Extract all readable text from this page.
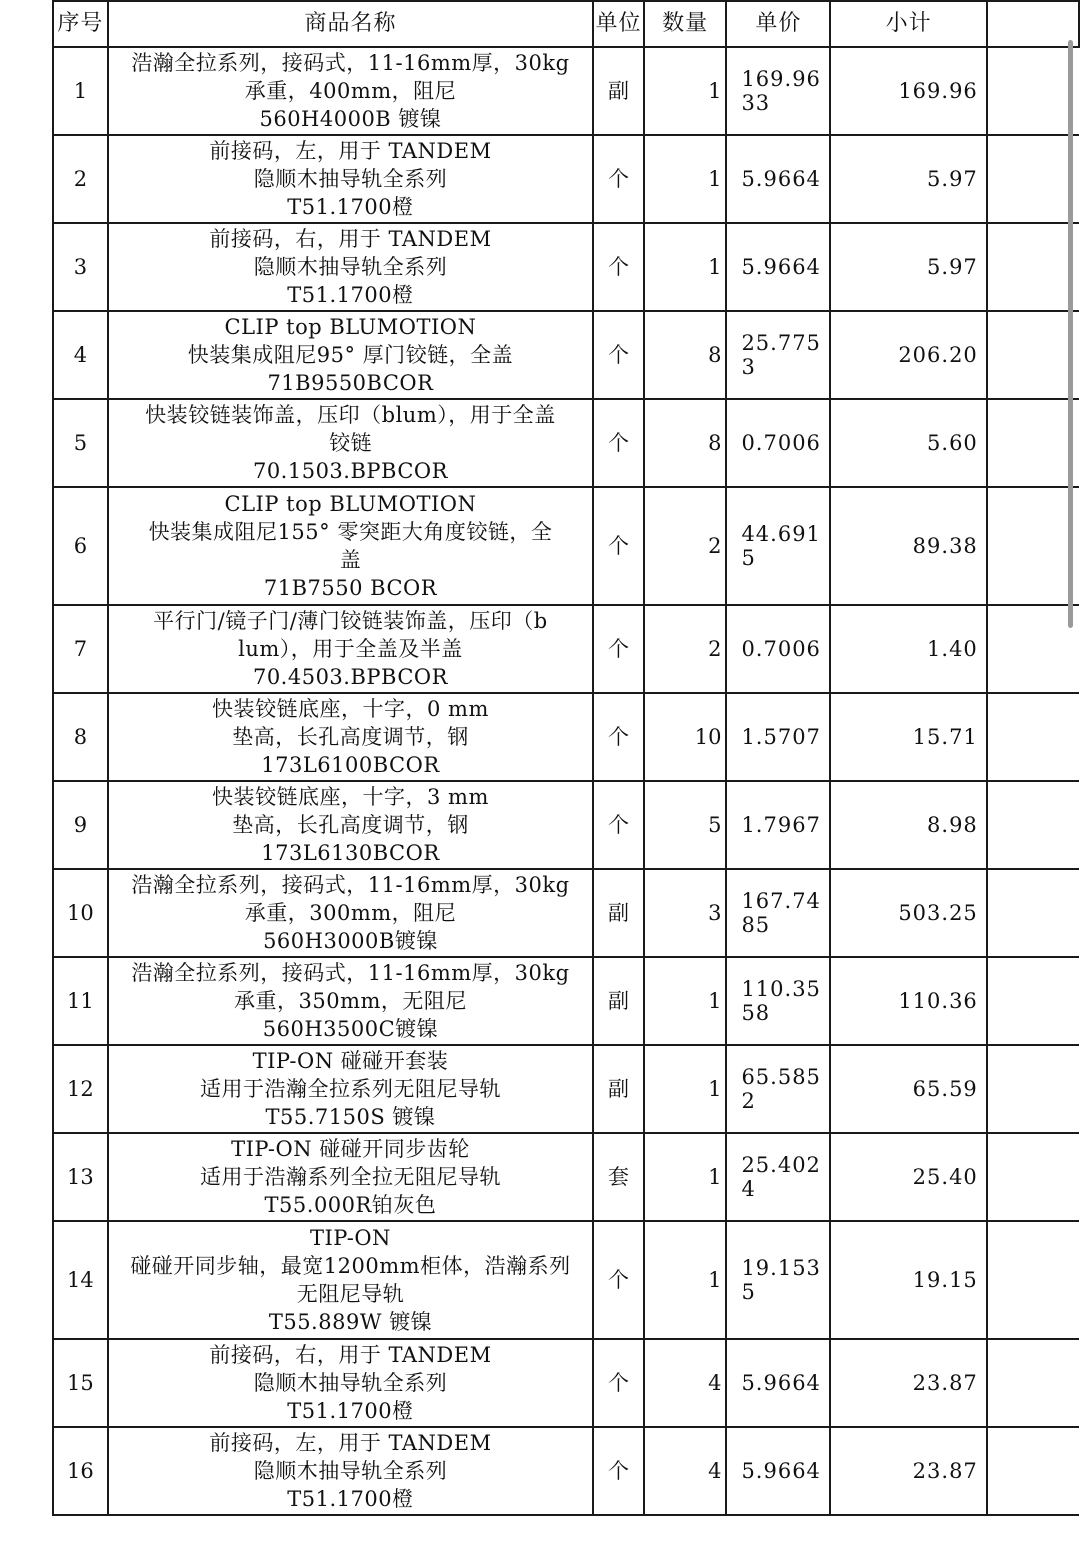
序号	商品名称	单位	数量	单价	小计	
1	浩瀚全拉系列，接码式，11-16mm厚，30kg
承重，400mm，阻尼
560H4000B 镀镍	副	1	169.9633	169.96	
2	前接码，左，用于 TANDEM
隐顺木抽导轨全系列
T51.1700橙	个	1	5.9664	5.97	
3	前接码，右，用于 TANDEM
隐顺木抽导轨全系列
T51.1700橙	个	1	5.9664	5.97	
4	CLIP top BLUMOTION
快装集成阻尼95° 厚门铰链，全盖
71B9550BCOR	个	8	25.7753	206.20	
5	快装铰链装饰盖，压印（blum），用于全盖
铰链
70.1503.BPBCOR	个	8	0.7006	5.60	
6	CLIP top BLUMOTION
快装集成阻尼155° 零突距大角度铰链，全
盖
71B7550 BCOR	个	2	44.6915	89.38	
7	平行门/镜子门/薄门铰链装饰盖，压印（b
lum），用于全盖及半盖
70.4503.BPBCOR	个	2	0.7006	1.40	
8	快装铰链底座，十字，0 mm
垫高，长孔高度调节，钢
173L6100BCOR	个	10	1.5707	15.71	
9	快装铰链底座，十字，3 mm
垫高，长孔高度调节，钢
173L6130BCOR	个	5	1.7967	8.98	
10	浩瀚全拉系列，接码式，11-16mm厚，30kg
承重，300mm，阻尼
560H3000B镀镍	副	3	167.7485	503.25	
11	浩瀚全拉系列，接码式，11-16mm厚，30kg
承重，350mm，无阻尼
560H3500C镀镍	副	1	110.3558	110.36	
12	TIP-ON 碰碰开套装
适用于浩瀚全拉系列无阻尼导轨
T55.7150S 镀镍	副	1	65.5852	65.59	
13	TIP-ON 碰碰开同步齿轮
适用于浩瀚系列全拉无阻尼导轨
T55.000R铂灰色	套	1	25.4024	25.40	
14	TIP-ON
碰碰开同步轴，最宽1200mm柜体，浩瀚系列
无阻尼导轨
T55.889W 镀镍	个	1	19.1535	19.15	
15	前接码，右，用于 TANDEM
隐顺木抽导轨全系列
T51.1700橙	个	4	5.9664	23.87	
16	前接码，左，用于 TANDEM
隐顺木抽导轨全系列
T51.1700橙	个	4	5.9664	23.87	
